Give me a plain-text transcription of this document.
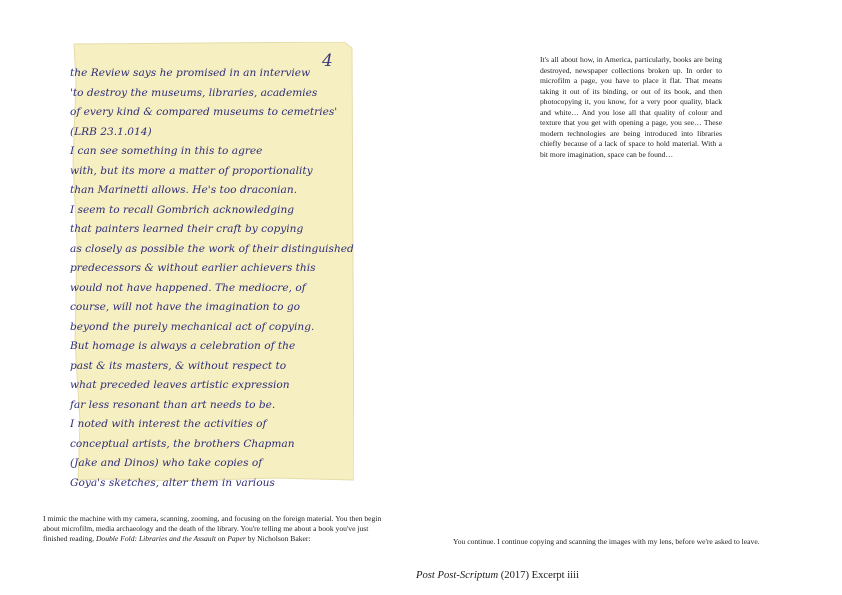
4
the Review says he promised in an interview
'to destroy the museums, libraries, academies
of every kind & compared museums to cemetries'
(LRB 23.1.014)
I can see something in this to agree
with, but its more a matter of proportionality
than Marinetti allows. He's too draconian.
I seem to recall Gombrich acknowledging
that painters learned their craft by copying
as closely as possible the work of their distinguished
predecessors & without earlier achievers this
would not have happened. The mediocre, of
course, will not have the imagination to go
beyond the purely mechanical act of copying.
But homage is always a celebration of the
past & its masters, & without respect to
what preceded leaves artistic expression
far less resonant than art needs to be.
I noted with interest the activities of
conceptual artists, the brothers Chapman
(Jake and Dinos) who take copies of
Goya's sketches, alter them in various
It's all about how, in America, particularly, books are being destroyed, newspaper collections broken up. In order to microfilm a page, you have to place it flat. That means taking it out of its binding, or out of its book, and then photocopying it, you know, for a very poor quality, black and white… And you lose all that quality of colour and texture that you get with opening a page, you see… These modern technologies are being introduced into libraries chiefly because of a lack of space to hold material. With a bit more imagination, space can be found…
I mimic the machine with my camera, scanning, zooming, and focusing on the foreign material. You then begin about microfilm, media archaeology and the death of the library. You're telling me about a book you've just finished reading, Double Fold: Libraries and the Assault on Paper by Nicholson Baker:	You continue. I continue copying and scanning the images with my lens, before we're asked to leave.
Post Post-Scriptum (2017) Excerpt iiii
